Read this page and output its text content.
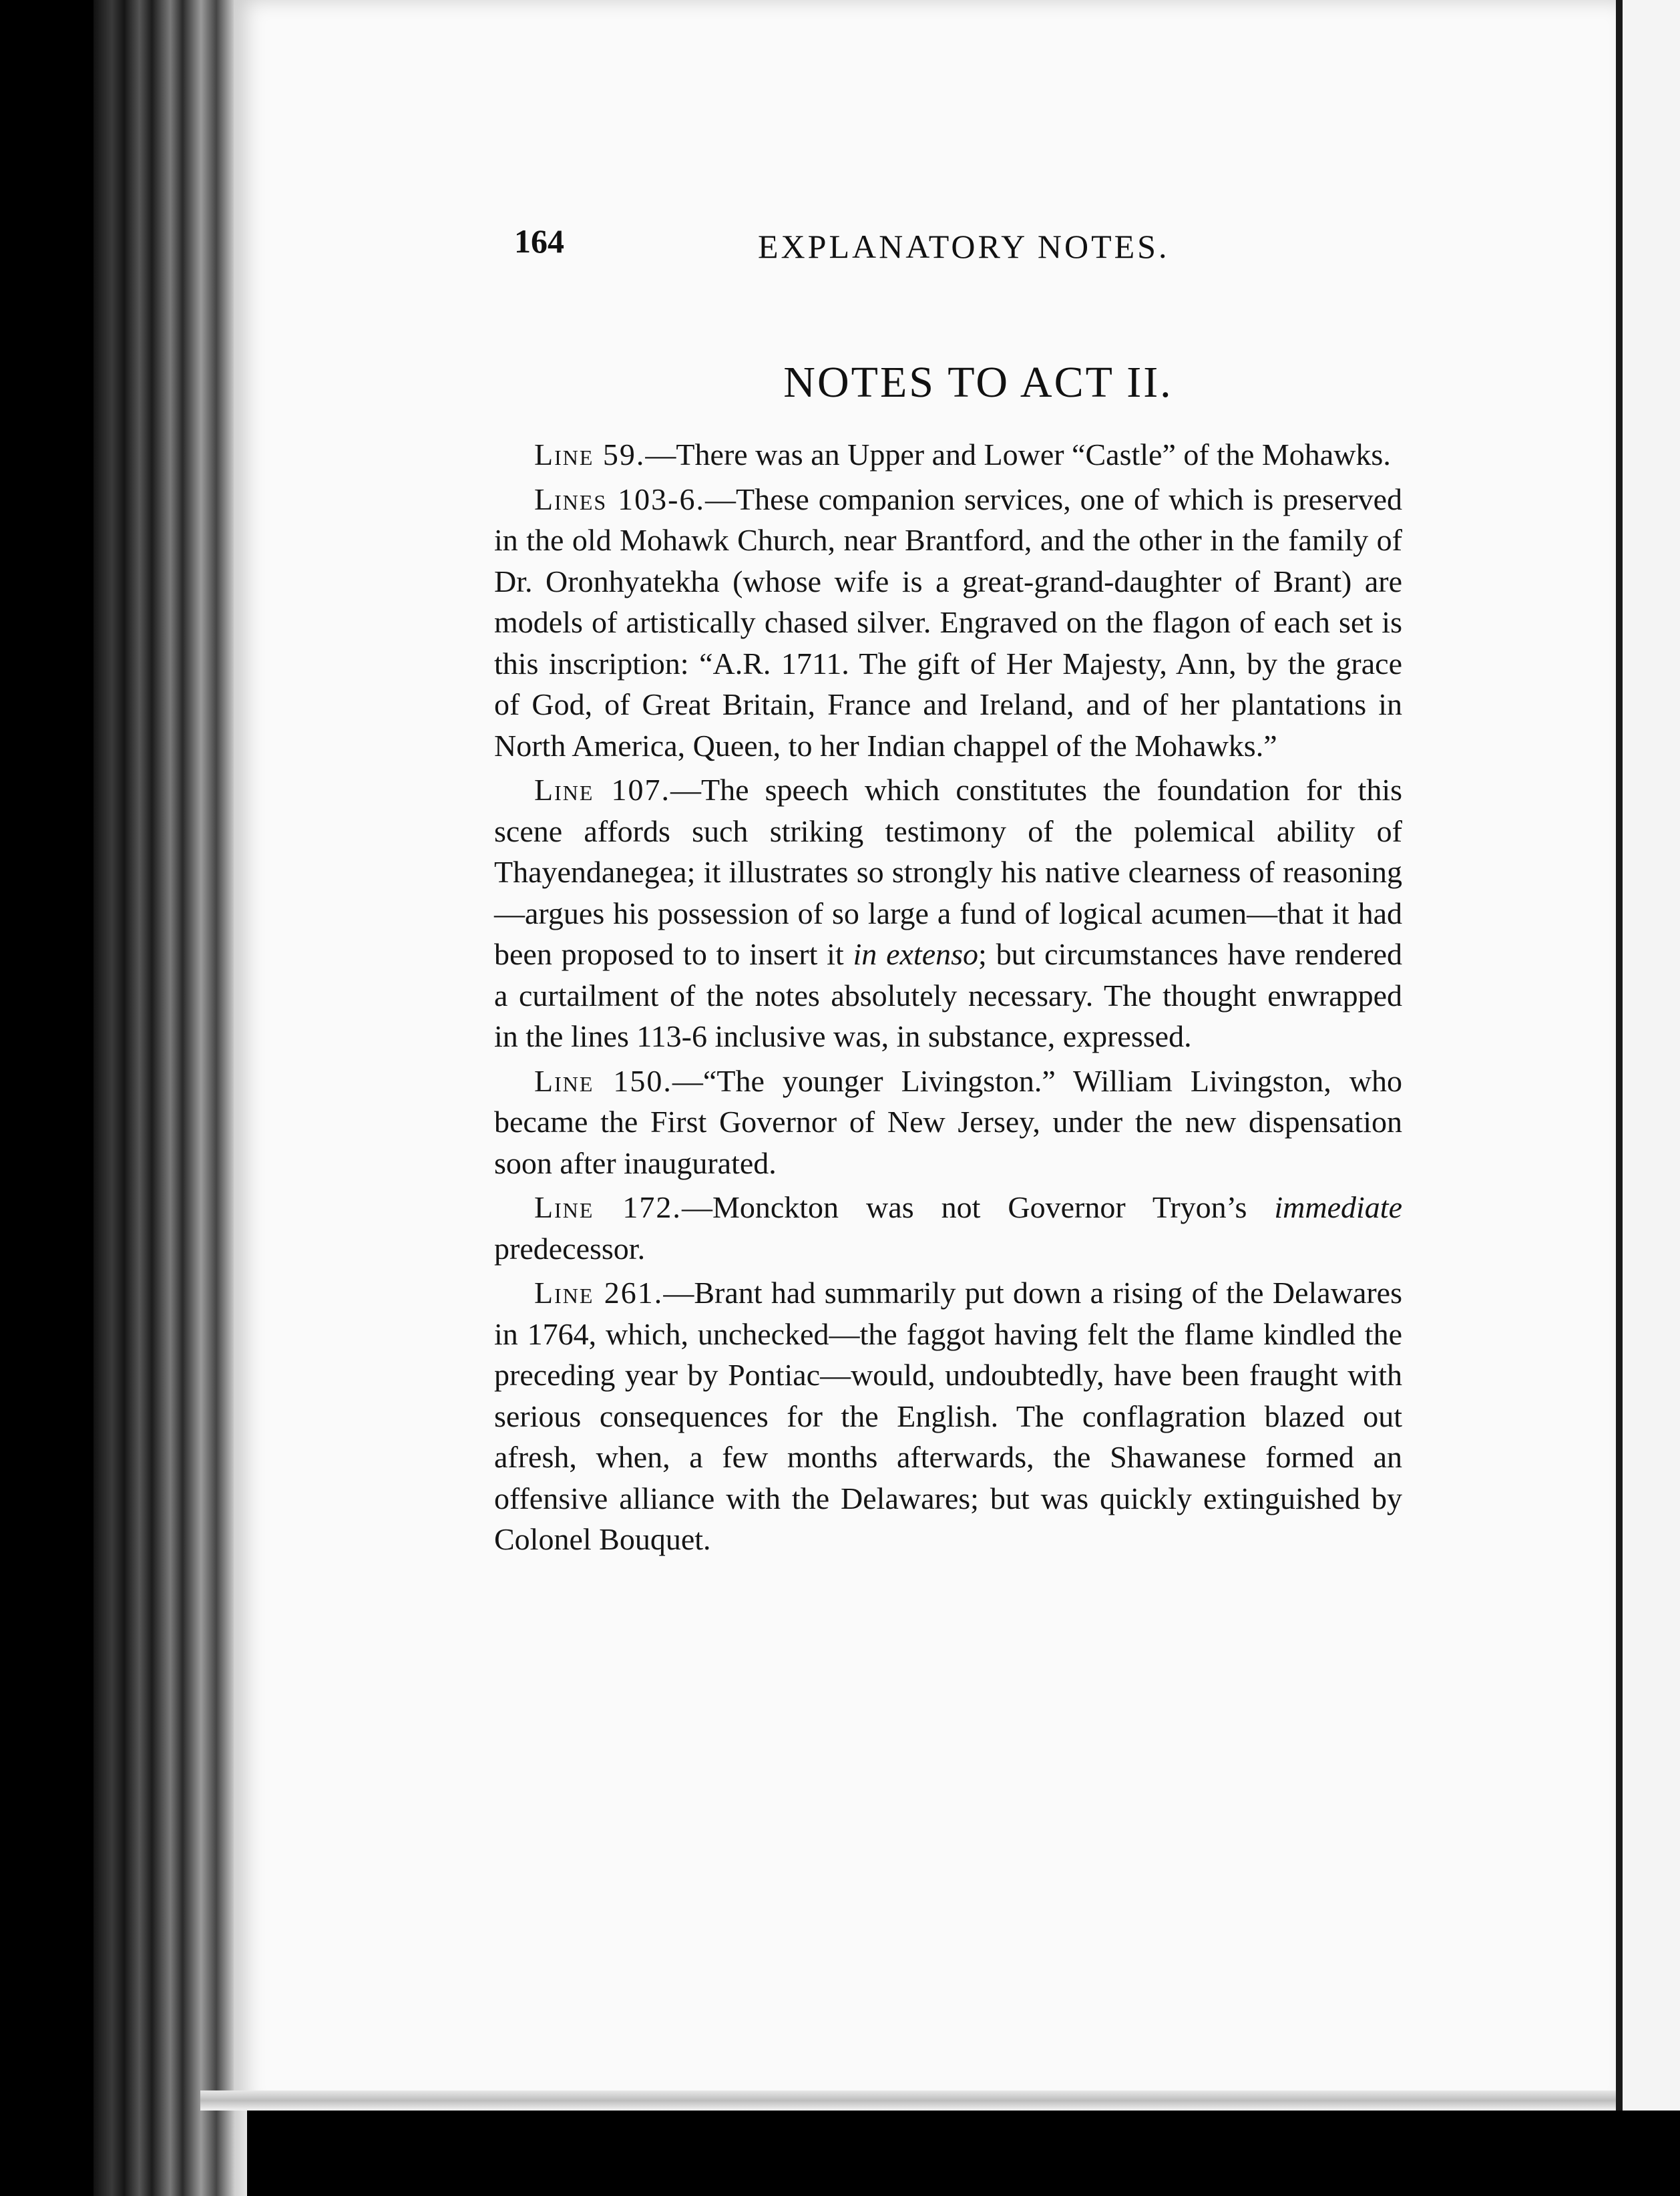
164	EXPLANATORY NOTES.
NOTES TO ACT II.

Line 59.—There was an Upper and Lower “Castle” of the Mohawks.

Lines 103-6.—These companion services, one of which is preserved in the old Mohawk Church, near Brantford, and the other in the family of Dr. Oronhyatekha (whose wife is a great-grand-daughter of Brant) are models of artistically chased silver. Engraved on the flagon of each set is this inscription: “A.R. 1711. The gift of Her Majesty, Ann, by the grace of God, of Great Britain, France and Ireland, and of her plantations in North America, Queen, to her Indian chappel of the Mohawks.”

Line 107.—The speech which constitutes the foundation for this scene affords such striking testimony of the polemical ability of Thayendanegea; it illustrates so strongly his native clearness of reasoning—argues his possession of so large a fund of logical acumen—that it had been proposed to to insert it in extenso; but circumstances have rendered a curtailment of the notes absolutely necessary. The thought enwrapped in the lines 113-6 inclusive was, in substance, expressed.

Line 150.—“The younger Livingston.” William Livingston, who became the First Governor of New Jersey, under the new dispensation soon after inaugurated.

Line 172.—Monckton was not Governor Tryon’s immediate predecessor.

Line 261.—Brant had summarily put down a rising of the Delawares in 1764, which, unchecked—the faggot having felt the flame kindled the preceding year by Pontiac—would, undoubtedly, have been fraught with serious consequences for the English. The conflagration blazed out afresh, when, a few months afterwards, the Shawanese formed an offensive alliance with the Delawares; but was quickly extinguished by Colonel Bouquet.
